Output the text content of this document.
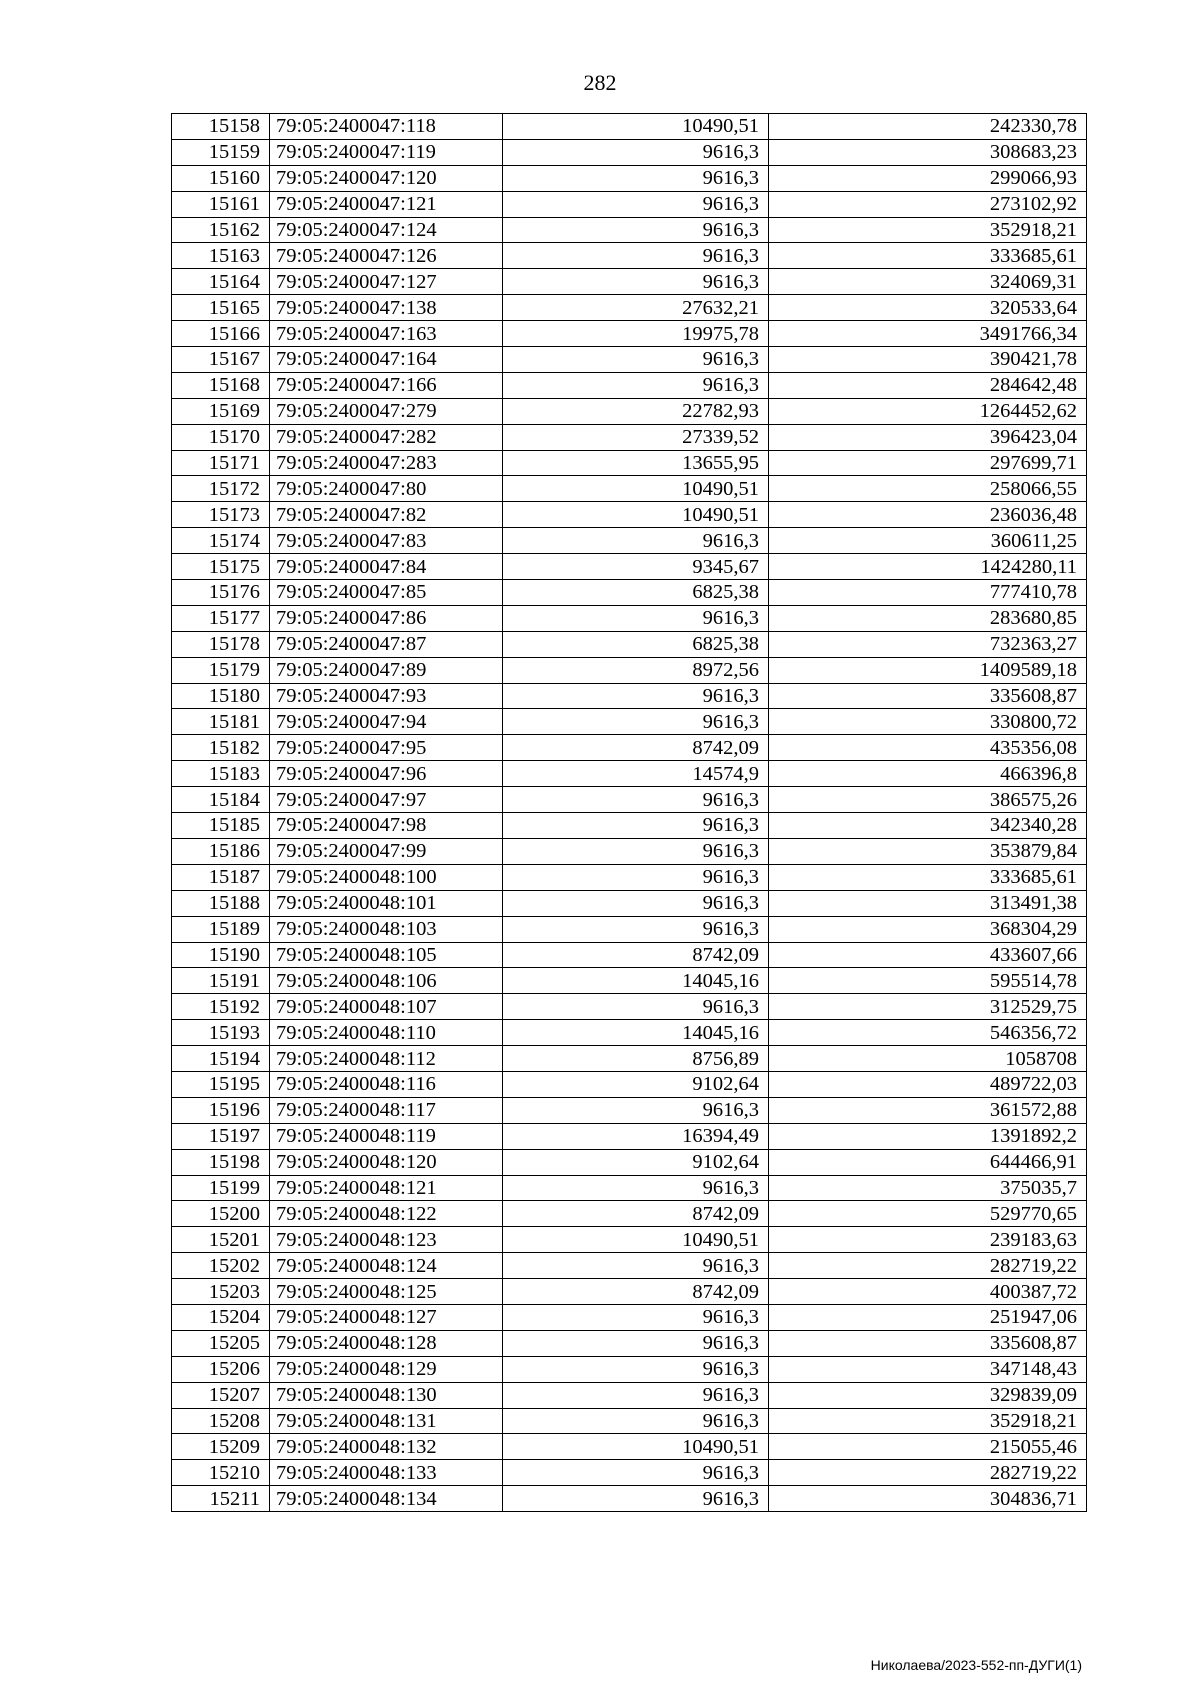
282
15158	79:05:2400047:118	10490,51	242330,78
15159	79:05:2400047:119	9616,3	308683,23
15160	79:05:2400047:120	9616,3	299066,93
15161	79:05:2400047:121	9616,3	273102,92
15162	79:05:2400047:124	9616,3	352918,21
15163	79:05:2400047:126	9616,3	333685,61
15164	79:05:2400047:127	9616,3	324069,31
15165	79:05:2400047:138	27632,21	320533,64
15166	79:05:2400047:163	19975,78	3491766,34
15167	79:05:2400047:164	9616,3	390421,78
15168	79:05:2400047:166	9616,3	284642,48
15169	79:05:2400047:279	22782,93	1264452,62
15170	79:05:2400047:282	27339,52	396423,04
15171	79:05:2400047:283	13655,95	297699,71
15172	79:05:2400047:80	10490,51	258066,55
15173	79:05:2400047:82	10490,51	236036,48
15174	79:05:2400047:83	9616,3	360611,25
15175	79:05:2400047:84	9345,67	1424280,11
15176	79:05:2400047:85	6825,38	777410,78
15177	79:05:2400047:86	9616,3	283680,85
15178	79:05:2400047:87	6825,38	732363,27
15179	79:05:2400047:89	8972,56	1409589,18
15180	79:05:2400047:93	9616,3	335608,87
15181	79:05:2400047:94	9616,3	330800,72
15182	79:05:2400047:95	8742,09	435356,08
15183	79:05:2400047:96	14574,9	466396,8
15184	79:05:2400047:97	9616,3	386575,26
15185	79:05:2400047:98	9616,3	342340,28
15186	79:05:2400047:99	9616,3	353879,84
15187	79:05:2400048:100	9616,3	333685,61
15188	79:05:2400048:101	9616,3	313491,38
15189	79:05:2400048:103	9616,3	368304,29
15190	79:05:2400048:105	8742,09	433607,66
15191	79:05:2400048:106	14045,16	595514,78
15192	79:05:2400048:107	9616,3	312529,75
15193	79:05:2400048:110	14045,16	546356,72
15194	79:05:2400048:112	8756,89	1058708
15195	79:05:2400048:116	9102,64	489722,03
15196	79:05:2400048:117	9616,3	361572,88
15197	79:05:2400048:119	16394,49	1391892,2
15198	79:05:2400048:120	9102,64	644466,91
15199	79:05:2400048:121	9616,3	375035,7
15200	79:05:2400048:122	8742,09	529770,65
15201	79:05:2400048:123	10490,51	239183,63
15202	79:05:2400048:124	9616,3	282719,22
15203	79:05:2400048:125	8742,09	400387,72
15204	79:05:2400048:127	9616,3	251947,06
15205	79:05:2400048:128	9616,3	335608,87
15206	79:05:2400048:129	9616,3	347148,43
15207	79:05:2400048:130	9616,3	329839,09
15208	79:05:2400048:131	9616,3	352918,21
15209	79:05:2400048:132	10490,51	215055,46
15210	79:05:2400048:133	9616,3	282719,22
15211	79:05:2400048:134	9616,3	304836,71
Николаева/2023-552-пп-ДУГИ(1)
